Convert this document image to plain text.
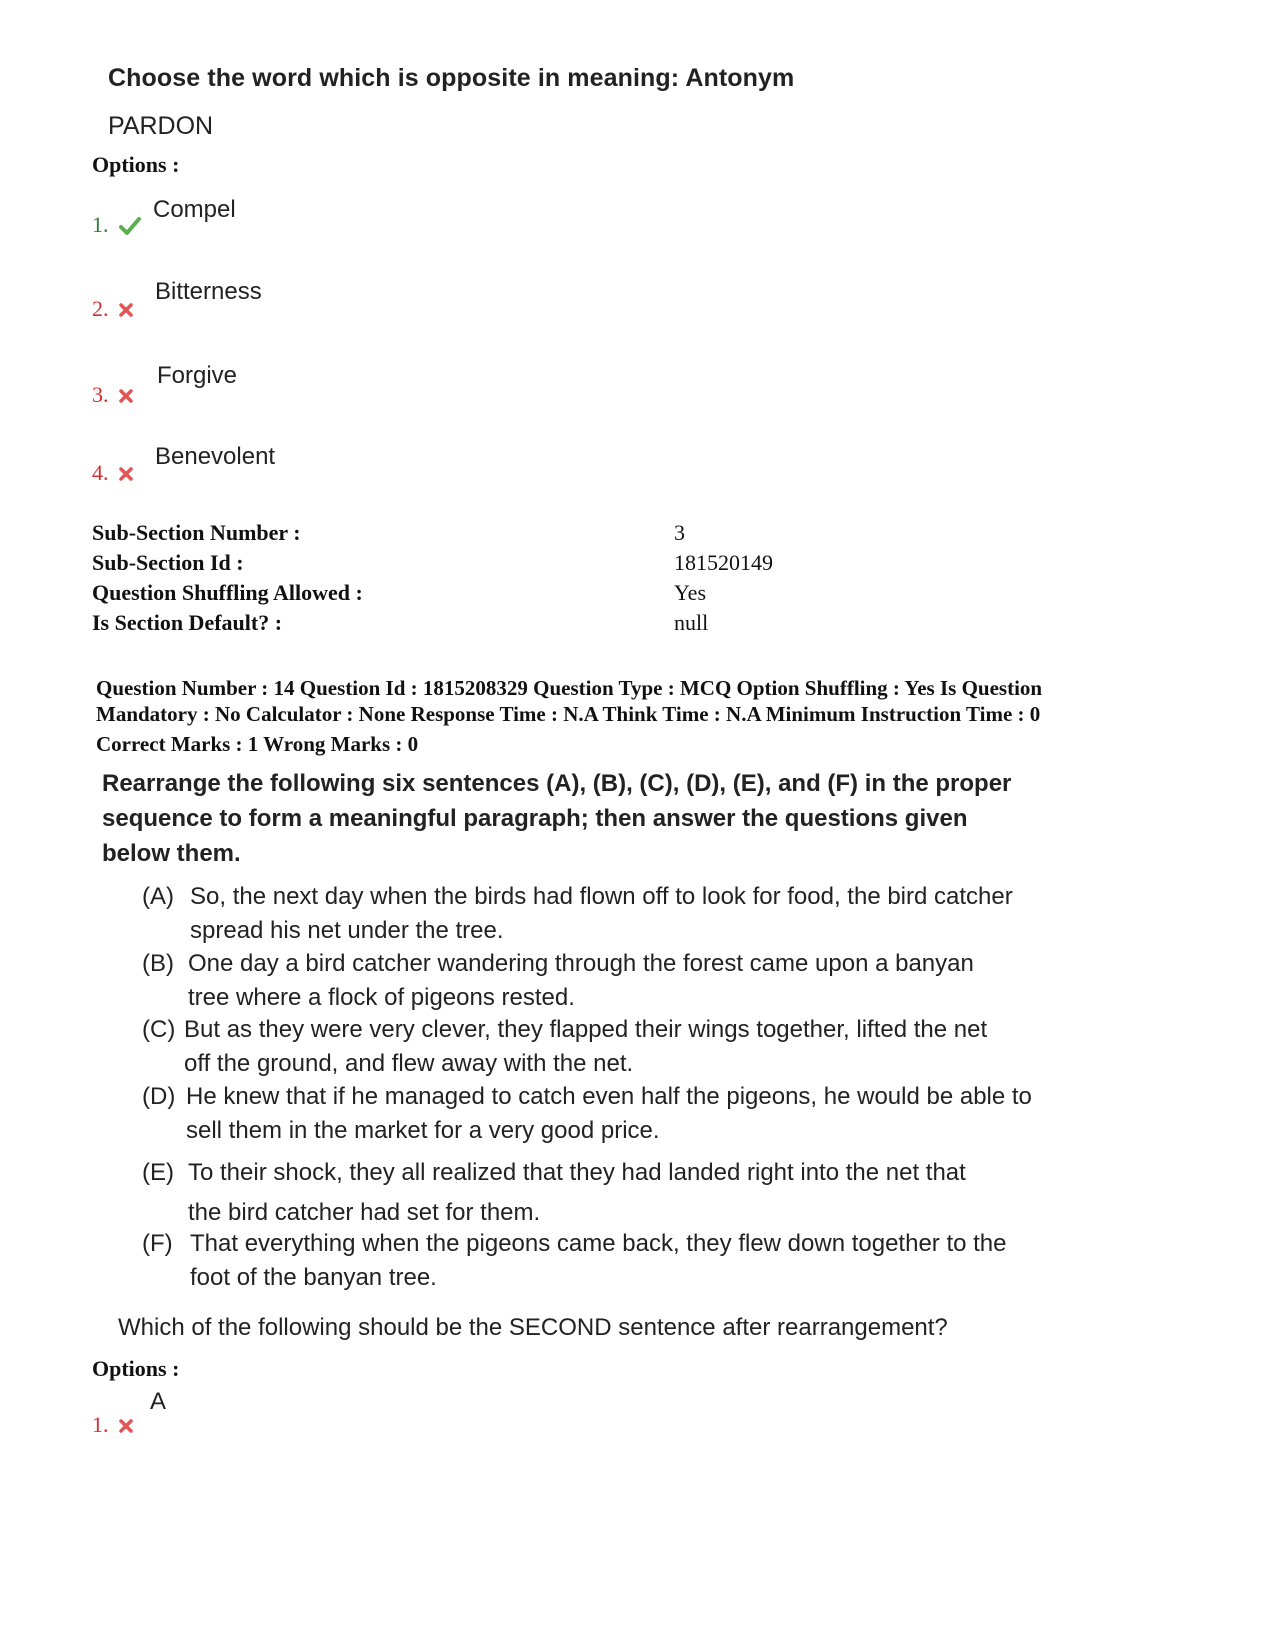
Choose the word which is opposite in meaning: Antonym
PARDON
Options :
1.
Compel
2.
Bitterness
3.
Forgive
4.
Benevolent
Sub-Section Number :	3
Sub-Section Id :	181520149
Question Shuffling Allowed :	Yes
Is Section Default? :	null
Question Number : 14 Question Id : 1815208329 Question Type : MCQ Option Shuffling : Yes Is Question
Mandatory : No Calculator : None Response Time : N.A Think Time : N.A Minimum Instruction Time : 0
Correct Marks : 1 Wrong Marks : 0
Rearrange the following six sentences (A), (B), (C), (D), (E), and (F) in the proper
sequence to form a meaningful paragraph; then answer the questions given
below them.
(A) So, the next day when the birds had flown off to look for food, the bird catcher
spread his net under the tree.
(B) One day a bird catcher wandering through the forest came upon a banyan
tree where a flock of pigeons rested.
(C) But as they were very clever, they flapped their wings together, lifted the net
off the ground, and flew away with the net.
(D) He knew that if he managed to catch even half the pigeons, he would be able to
sell them in the market for a very good price.
(E) To their shock, they all realized that they had landed right into the net that
the bird catcher had set for them.
(F) That everything when the pigeons came back, they flew down together to the
foot of the banyan tree.
Which of the following should be the SECOND sentence after rearrangement?
Options :
1.
A
